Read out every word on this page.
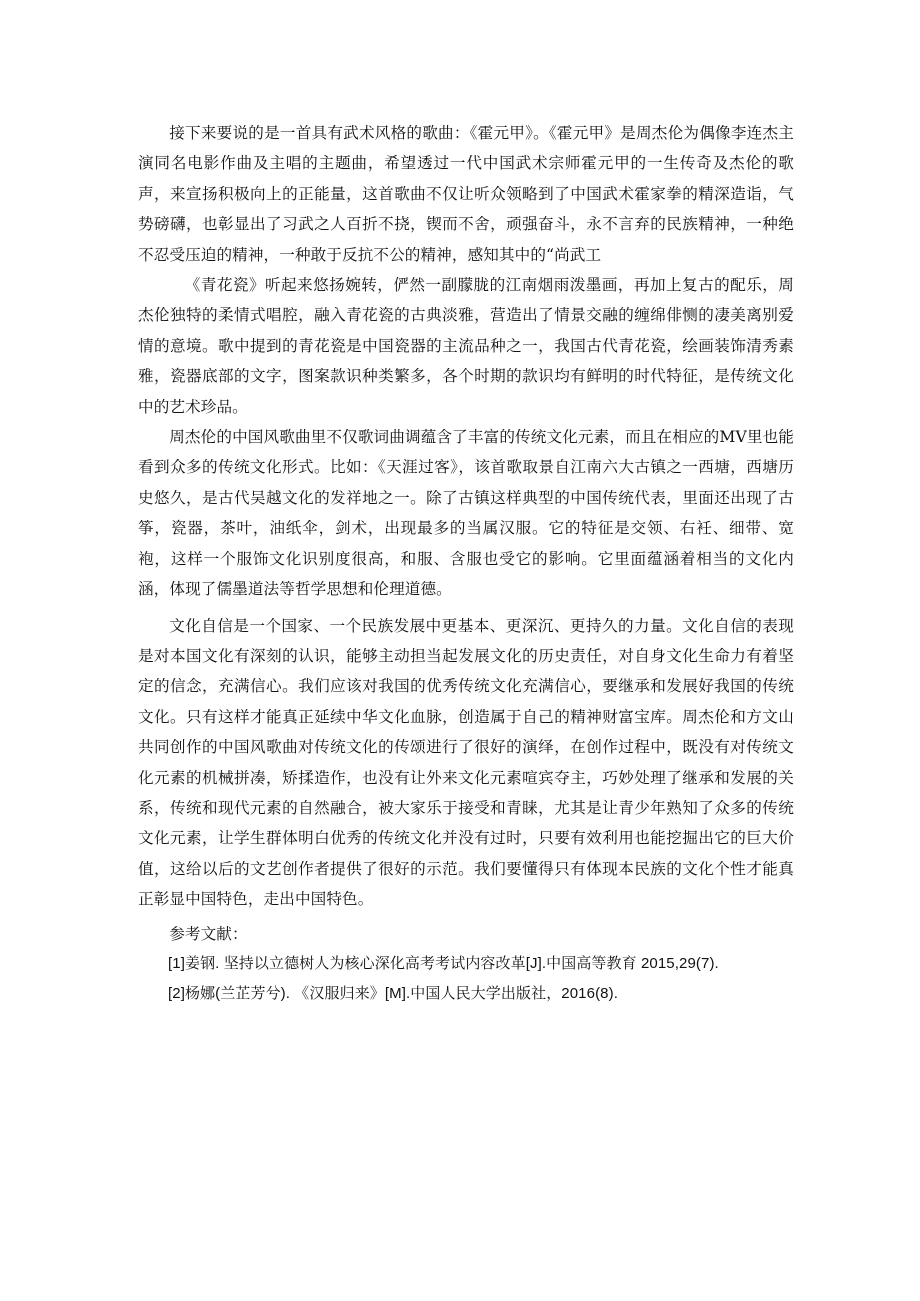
接下来要说的是一首具有武术风格的歌曲：《霍元甲》。《霍元甲》是周杰伦为偶像李连杰主演同名电影作曲及主唱的主题曲，希望透过一代中国武术宗师霍元甲的一生传奇及杰伦的歌声，来宣扬积极向上的正能量，这首歌曲不仅让听众领略到了中国武术霍家拳的精深造诣，气势磅礴，也彰显出了习武之人百折不挠，锲而不舍，顽强奋斗，永不言弃的民族精神，一种绝不忍受压迫的精神，一种敢于反抗不公的精神，感知其中的“尚武工

《青花瓷》听起来悠扬婉转，俨然一副朦胧的江南烟雨泼墨画，再加上复古的配乐，周杰伦独特的柔情式唱腔，融入青花瓷的古典淡雅，营造出了情景交融的缠绵俳恻的凄美离别爱情的意境。歌中提到的青花瓷是中国瓷器的主流品种之一，我国古代青花瓷，绘画装饰清秀素雅，瓷器底部的文字，图案款识种类繁多，各个时期的款识均有鲜明的时代特征，是传统文化中的艺术珍品。

周杰伦的中国风歌曲里不仅歌词曲调蕴含了丰富的传统文化元素，而且在相应的MV里也能看到众多的传统文化形式。比如：《天涯过客》，该首歌取景自江南六大古镇之一西塘，西塘历史悠久，是古代吴越文化的发祥地之一。除了古镇这样典型的中国传统代表，里面还出现了古筝，瓷器，茶叶，油纸伞，剑术，出现最多的当属汉服。它的特征是交领、右衽、细带、宽袍，这样一个服饰文化识别度很高，和服、含服也受它的影响。它里面蕴涵着相当的文化内涵，体现了儒墨道法等哲学思想和伦理道德。

文化自信是一个国家、一个民族发展中更基本、更深沉、更持久的力量。文化自信的表现是对本国文化有深刻的认识，能够主动担当起发展文化的历史责任，对自身文化生命力有着坚定的信念，充满信心。我们应该对我国的优秀传统文化充满信心，要继承和发展好我国的传统文化。只有这样才能真正延续中华文化血脉，创造属于自己的精神财富宝库。周杰伦和方文山共同创作的中国风歌曲对传统文化的传颂进行了很好的演绎，在创作过程中，既没有对传统文化元素的机械拼凑，矫揉造作，也没有让外来文化元素喧宾夺主，巧妙处理了继承和发展的关系，传统和现代元素的自然融合，被大家乐于接受和青睐，尤其是让青少年熟知了众多的传统文化元素，让学生群体明白优秀的传统文化并没有过时，只要有效利用也能挖掘出它的巨大价值，这给以后的文艺创作者提供了很好的示范。我们要懂得只有体现本民族的文化个性才能真正彰显中国特色，走出中国特色。

参考文献：

[1]姜钢. 坚持以立德树人为核心深化高考考试内容改革[J].中国高等教育 2015,29(7).

[2]杨娜(兰芷芳兮). 《汉服归来》[M].中国人民大学出版社，2016(8).
